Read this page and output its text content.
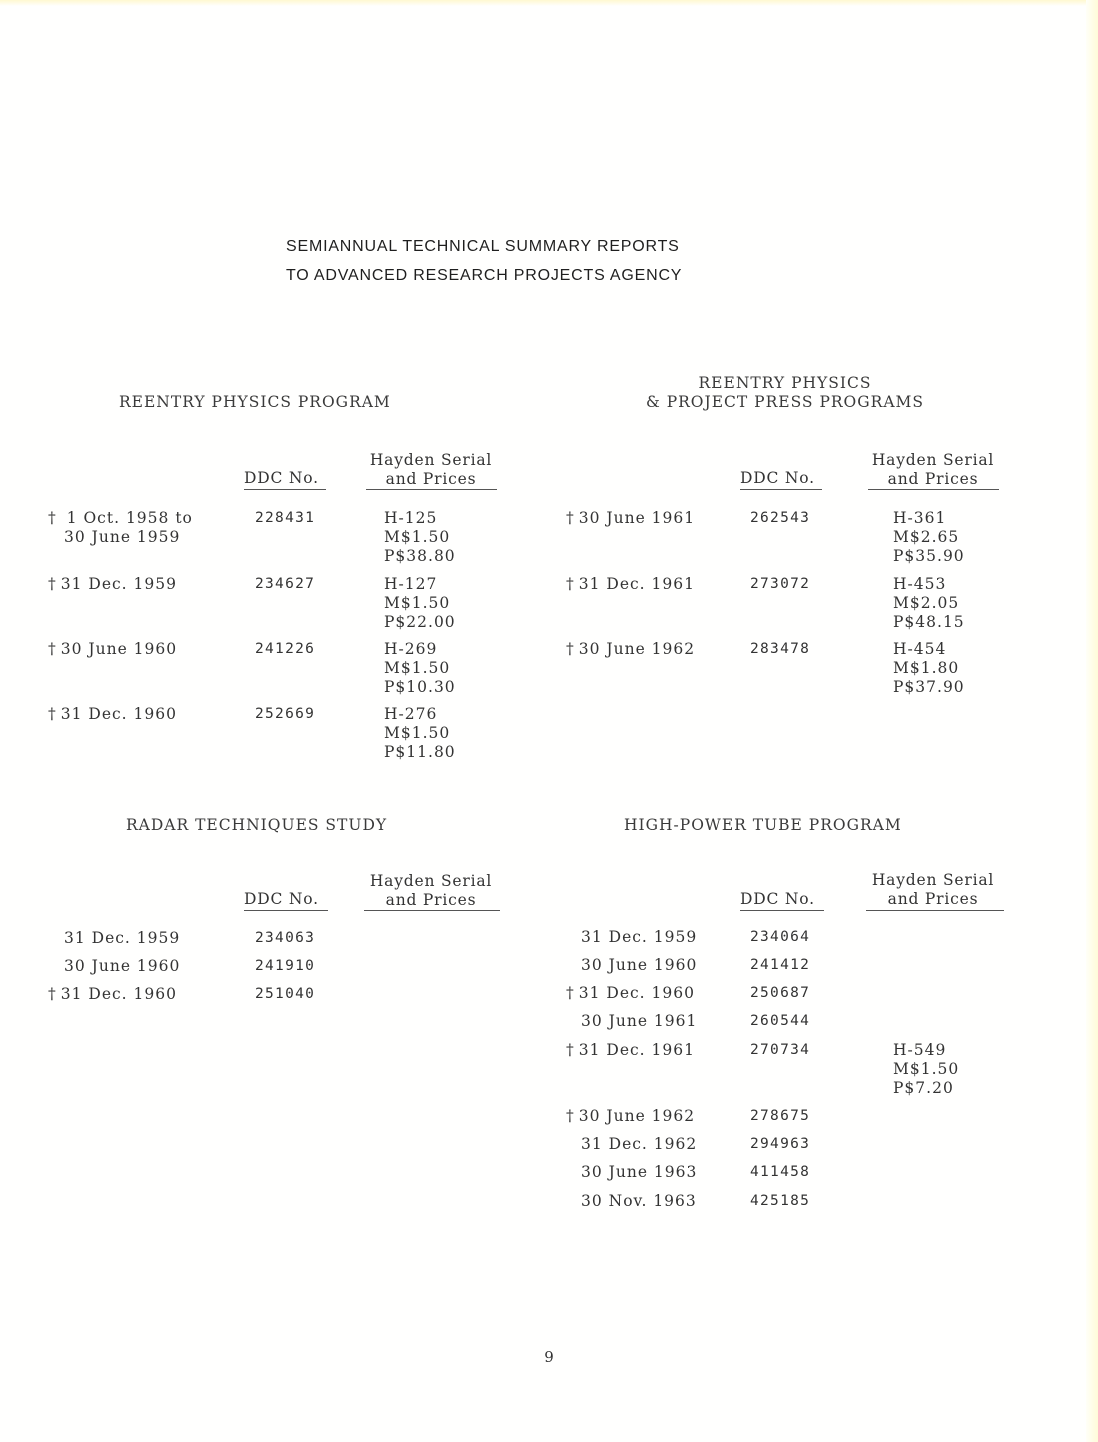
SEMIANNUAL TECHNICAL SUMMARY REPORTS
TO ADVANCED RESEARCH PROJECTS AGENCY
REENTRY PHYSICS PROGRAM
DDC No.
Hayden Serial
and Prices
† 1 Oct. 1958 to
30 June 1959
228431	H-125
M$1.50
P$38.80
† 31 Dec. 1959	234627	H-127
M$1.50
P$22.00
† 30 June 1960	241226	H-269
M$1.50
P$10.30
† 31 Dec. 1960	252669	H-276
M$1.50
P$11.80
REENTRY PHYSICS
& PROJECT PRESS PROGRAMS
DDC No.
Hayden Serial
and Prices
† 30 June 1961	262543	H-361
M$2.65
P$35.90
† 31 Dec. 1961	273072	H-453
M$2.05
P$48.15
† 30 June 1962	283478	H-454
M$1.80
P$37.90
RADAR TECHNIQUES STUDY
DDC No.
Hayden Serial
and Prices
31 Dec. 1959	234063
30 June 1960	241910
† 31 Dec. 1960	251040
HIGH-POWER TUBE PROGRAM
DDC No.
Hayden Serial
and Prices
31 Dec. 1959	234064
30 June 1960	241412
† 31 Dec. 1960	250687
30 June 1961	260544
† 31 Dec. 1961	270734	H-549
M$1.50
P$7.20
† 30 June 1962	278675
31 Dec. 1962	294963
30 June 1963	411458
30 Nov. 1963	425185
9
